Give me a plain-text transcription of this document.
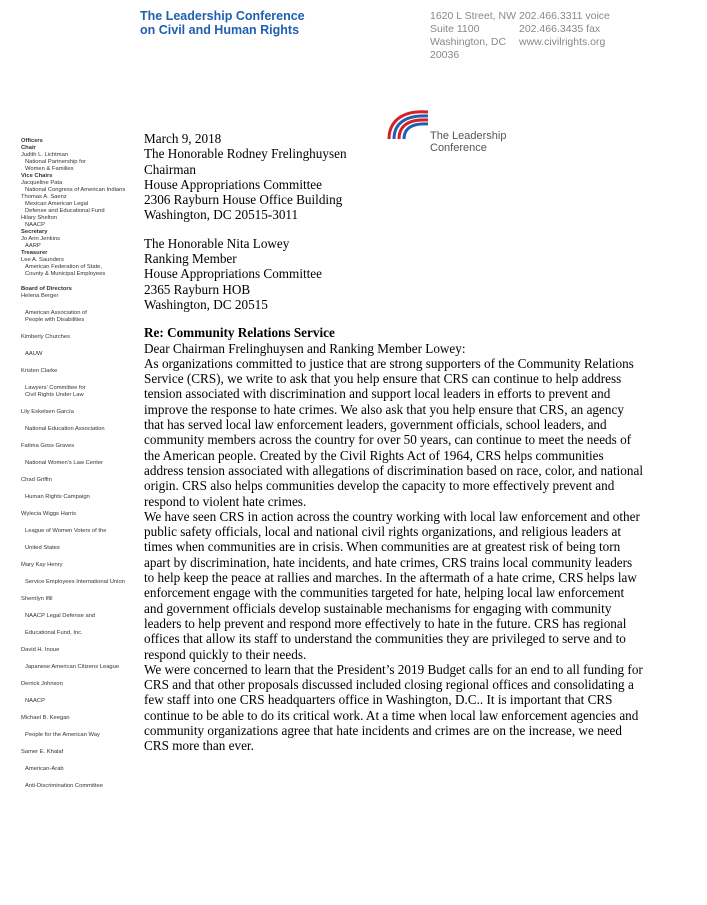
The Leadership Conference
on Civil and Human Rights
1620 L Street, NW
Suite 1100
Washington, DC
20036
202.466.3311 voice
202.466.3435 fax
www.civilrights.org
The Leadership
Conference
Officers
Chair
Judith L. Lichtman
National Partnership for
Women & Families
Vice Chairs
Jacqueline Pata
National Congress of American Indians
Thomas A. Saenz
Mexican American Legal
Defense and Educational Fund
Hilary Shelton
NAACP
Secretary
Jo Ann Jenkins
AARP
Treasurer
Lee A. Saunders
American Federation of State,
County & Municipal Employees
Board of Directors
Helena Berger
American Association of
People with Disabilities
Kimberly Churches
AAUW
Kristen Clarke
Lawyers' Committee for
Civil Rights Under Law
Lily Eskelsen García
National Education Association
Fatima Goss Graves
National Women's Law Center
Chad Griffin
Human Rights Campaign
Wylecia Wiggs Harris
League of Women Voters of the
United States
Mary Kay Henry
Service Employees International Union
Sherrilyn Ifill
NAACP Legal Defense and
Educational Fund, Inc.
David H. Inoue
Japanese American Citizens League
Derrick Johnson
NAACP
Michael B. Keegan
People for the American Way
Samer E. Khalaf
American-Arab
Anti-Discrimination Committee

March 9, 2018

The Honorable Rodney Frelinghuysen

Chairman

House Appropriations Committee

2306 Rayburn House Office Building

Washington, DC 20515-3011

The Honorable Nita Lowey

Ranking Member

House Appropriations Committee

2365 Rayburn HOB

Washington, DC 20515

Re: Community Relations Service

Dear Chairman Frelinghuysen and Ranking Member Lowey:

As organizations committed to justice that are strong supporters of the Community Relations Service (CRS), we write to ask that you help ensure that CRS can continue to help address tension associated with discrimination and support local leaders in efforts to prevent and improve the response to hate crimes. We also ask that you help ensure that CRS, an agency that has served local law enforcement leaders, government officials, school leaders, and community members across the country for over 50 years, can continue to meet the needs of the American people. Created by the Civil Rights Act of 1964, CRS helps communities address tension associated with allegations of discrimination based on race, color, and national origin. CRS also helps communities develop the capacity to more effectively prevent and respond to violent hate crimes.

We have seen CRS in action across the country working with local law enforcement and other public safety officials, local and national civil rights organizations, and religious leaders at times when communities are in crisis. When communities are at greatest risk of being torn apart by discrimination, hate incidents, and hate crimes, CRS trains local community leaders to help keep the peace at rallies and marches. In the aftermath of a hate crime, CRS helps law enforcement engage with the communities targeted for hate, helping local law enforcement and government officials develop sustainable mechanisms for engaging with community leaders to help prevent and respond more effectively to hate in the future. CRS has regional offices that allow its staff to understand the communities they are privileged to serve and to respond quickly to their needs.

We were concerned to learn that the President’s 2019 Budget calls for an end to all funding for CRS and that other proposals discussed included closing regional offices and consolidating a few staff into one CRS headquarters office in Washington, D.C.. It is important that CRS continue to be able to do its critical work. At a time when local law enforcement agencies and community organizations agree that hate incidents and crimes are on the increase, we need CRS more than ever.
